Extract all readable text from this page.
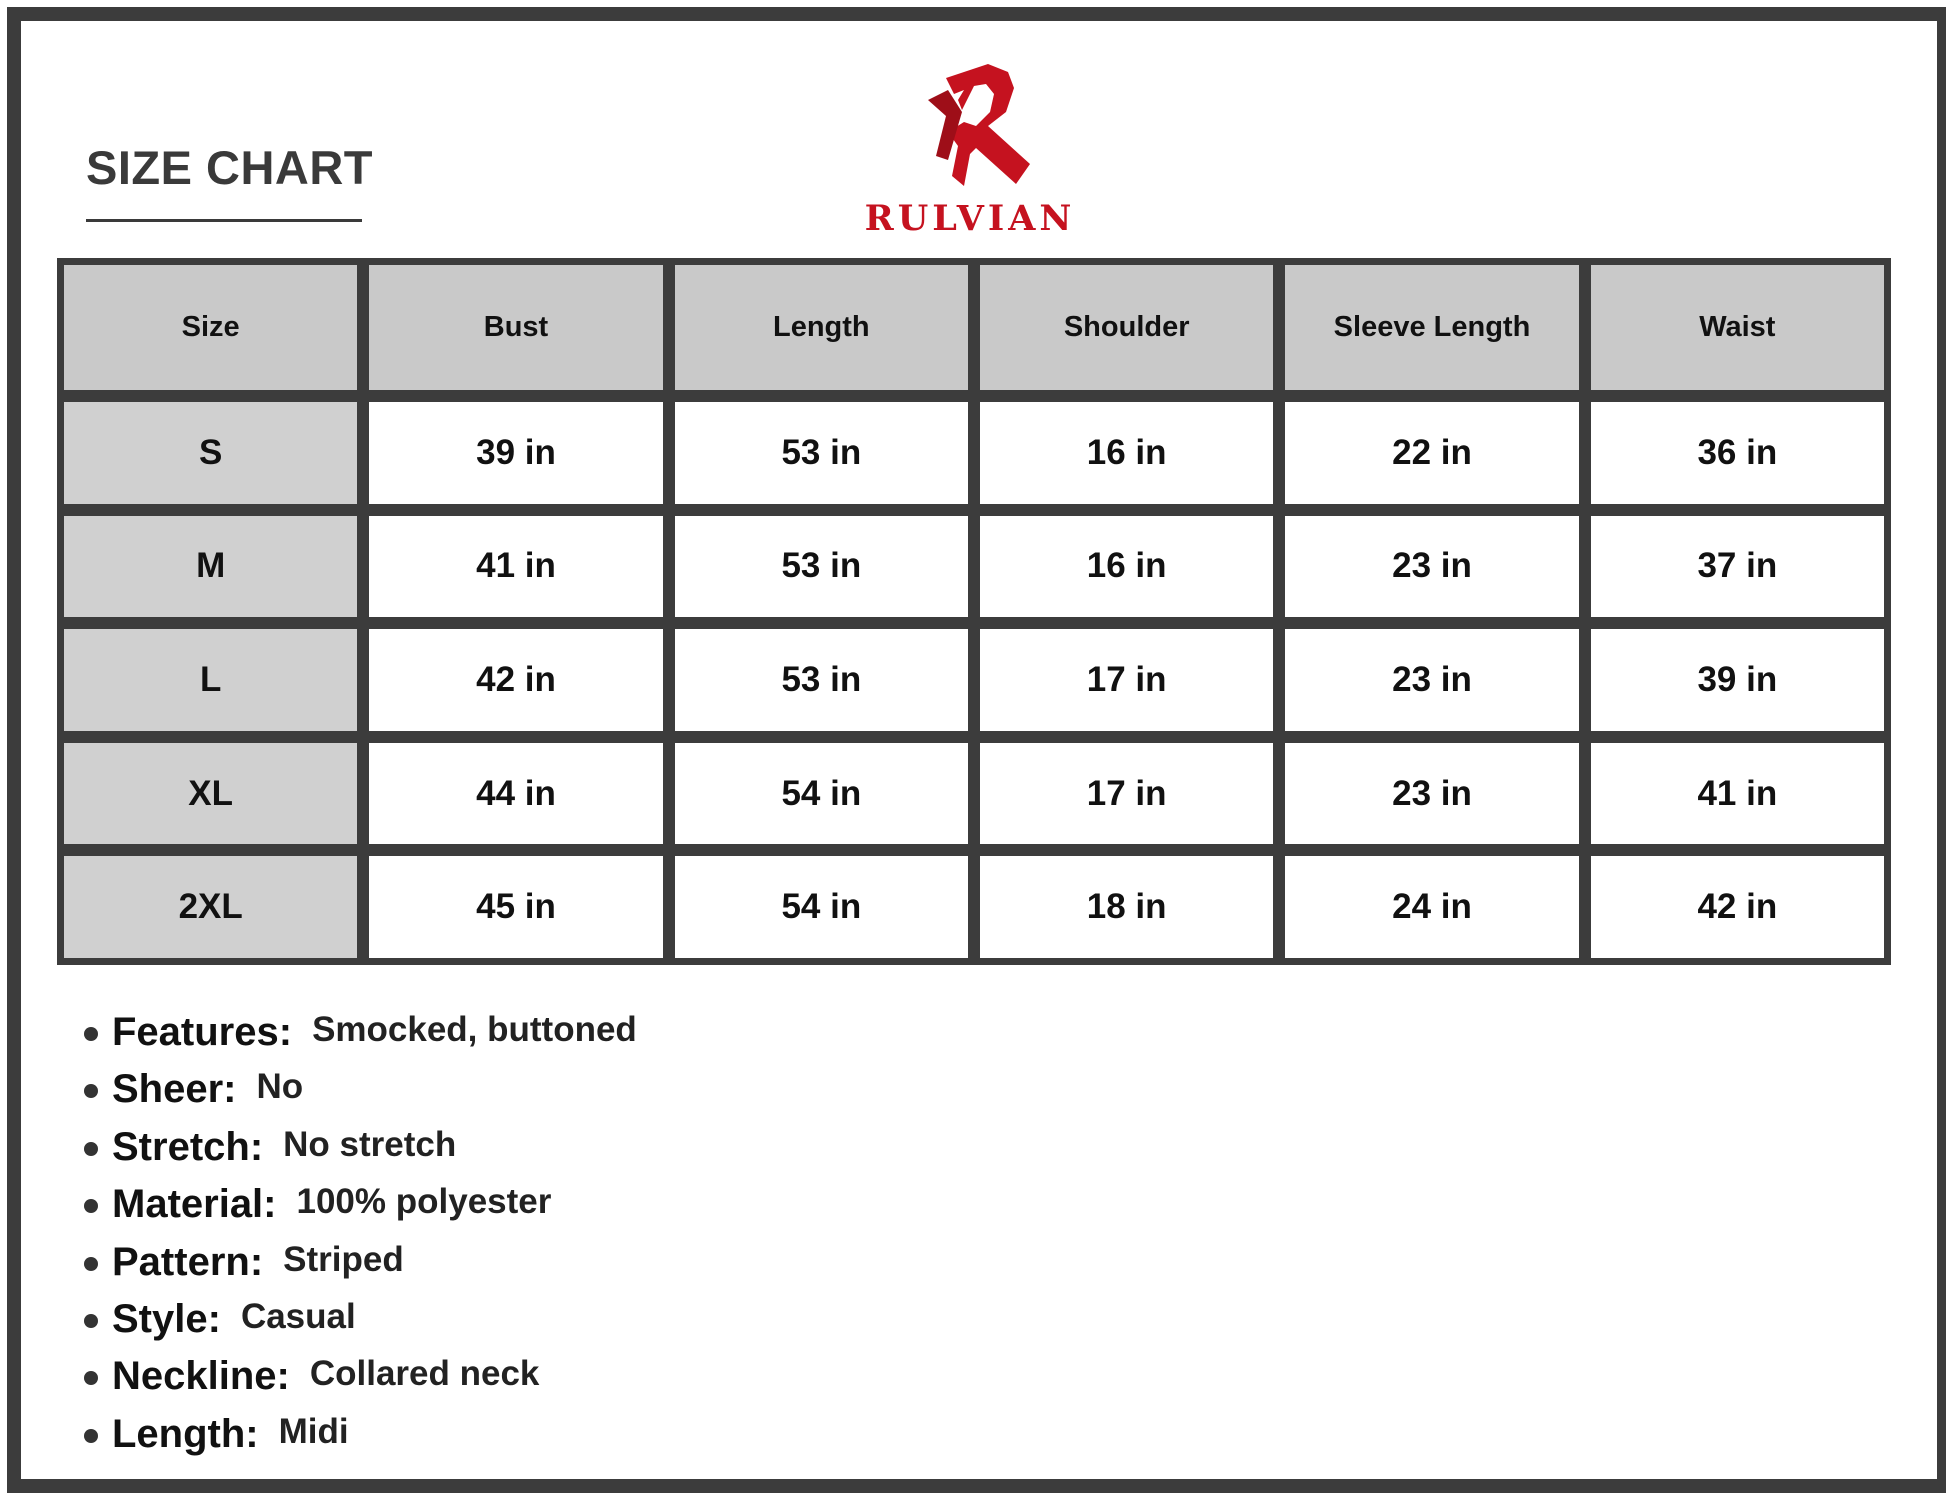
SIZE CHART
RULVIAN
Size	Bust	Length	Shoulder	Sleeve Length	Waist
S	39 in	53 in	16 in	22 in	36 in
M	41 in	53 in	16 in	23 in	37 in
L	42 in	53 in	17 in	23 in	39 in
XL	44 in	54 in	17 in	23 in	41 in
2XL	45 in	54 in	18 in	24 in	42 in
Features: Smocked, buttoned
Sheer: No
Stretch: No stretch
Material: 100% polyester
Pattern: Striped
Style: Casual
Neckline: Collared neck
Length: Midi
